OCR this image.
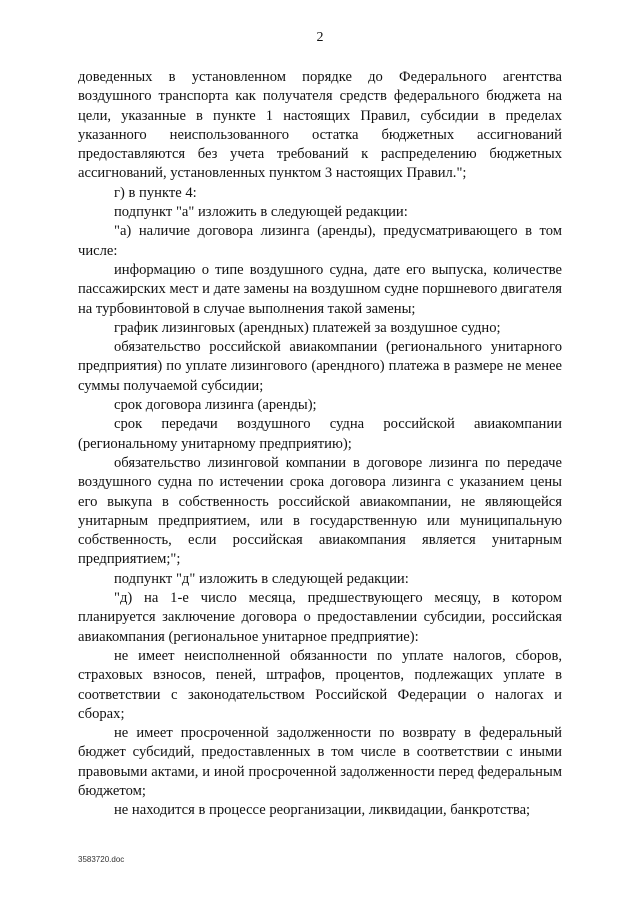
2

доведенных в установленном порядке до Федерального агентства воздушного транспорта как получателя средств федерального бюджета на цели, указанные в пункте 1 настоящих Правил, субсидии в пределах указанного неиспользованного остатка бюджетных ассигнований предоставляются без учета требований к распределению бюджетных ассигнований, установленных пунктом 3 настоящих Правил.";

г) в пункте 4:

подпункт "а" изложить в следующей редакции:

"а) наличие договора лизинга (аренды), предусматривающего в том числе:

информацию о типе воздушного судна, дате его выпуска, количестве пассажирских мест и дате замены на воздушном судне поршневого двигателя на турбовинтовой в случае выполнения такой замены;

график лизинговых (арендных) платежей за воздушное судно;

обязательство российской авиакомпании (регионального унитарного предприятия) по уплате лизингового (арендного) платежа в размере не менее суммы получаемой субсидии;

срок договора лизинга (аренды);

срок передачи воздушного судна российской авиакомпании (региональному унитарному предприятию);

обязательство лизинговой компании в договоре лизинга по передаче воздушного судна по истечении срока договора лизинга с указанием цены его выкупа в собственность российской авиакомпании, не являющейся унитарным предприятием, или в государственную или муниципальную собственность, если российская авиакомпания является унитарным предприятием;";

подпункт "д" изложить в следующей редакции:

"д) на 1-е число месяца, предшествующего месяцу, в котором планируется заключение договора о предоставлении субсидии, российская авиакомпания (региональное унитарное предприятие):

не имеет неисполненной обязанности по уплате налогов, сборов, страховых взносов, пеней, штрафов, процентов, подлежащих уплате в соответствии с законодательством Российской Федерации о налогах и сборах;

не имеет просроченной задолженности по возврату в федеральный бюджет субсидий, предоставленных в том числе в соответствии с иными правовыми актами, и иной просроченной задолженности перед федеральным бюджетом;

не находится в процессе реорганизации, ликвидации, банкротства;

3583720.doc
